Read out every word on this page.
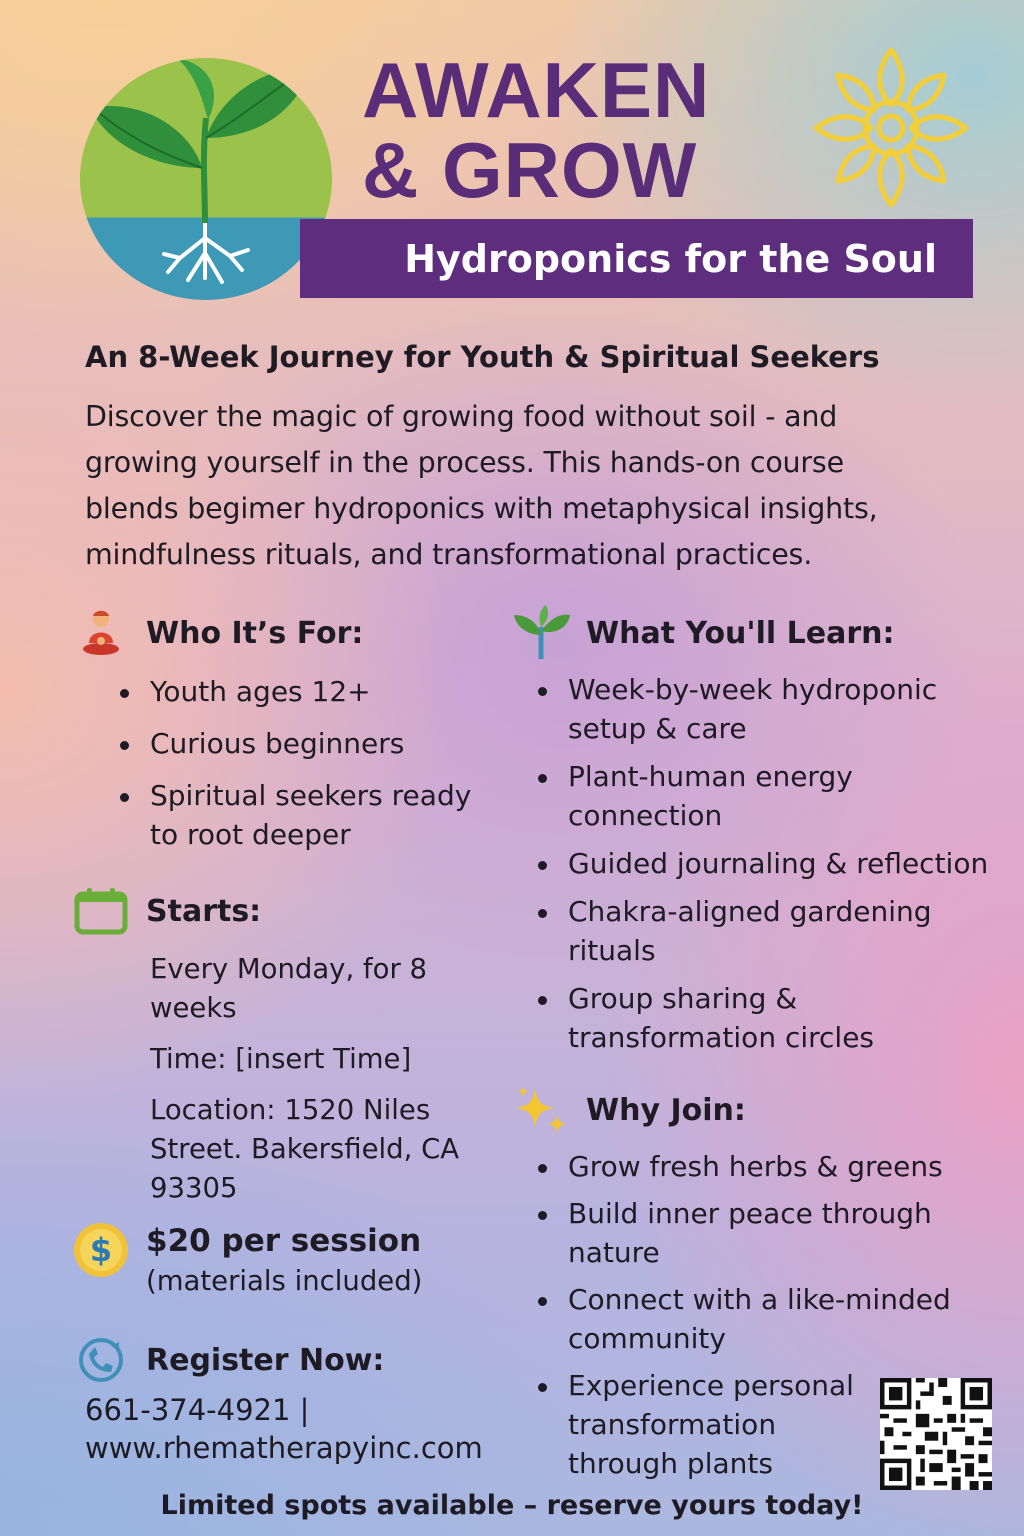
AWAKEN
& GROW
Hydroponics for the Soul
An 8-Week Journey for Youth & Spiritual Seekers
Discover the magic of growing food without soil - and
growing yourself in the process. This hands-on course
blends begimer hydroponics with metaphysical insights,
mindfulness rituals, and transformational practices.
Who It’s For:
Youth ages 12+
Curious beginners
Spiritual seekers ready to root deeper
Starts:
Every Monday, for 8 weeks
Time: [insert Time]
Location: 1520 Niles Street. Bakersfield, CA 93305
$ $20 per session
(materials included)
Register Now:
661-374-4921 |
www.rhematherapyinc.com
What You'll Learn:
Week-by-week hydroponic setup & care
Plant-human energy connection
Guided journaling & reflection
Chakra-aligned gardening rituals
Group sharing & transformation circles
Why Join:
Grow fresh herbs & greens
Build inner peace through nature
Connect with a like-minded community
Experience personal transformation through plants
Limited spots available – reserve yours today!
